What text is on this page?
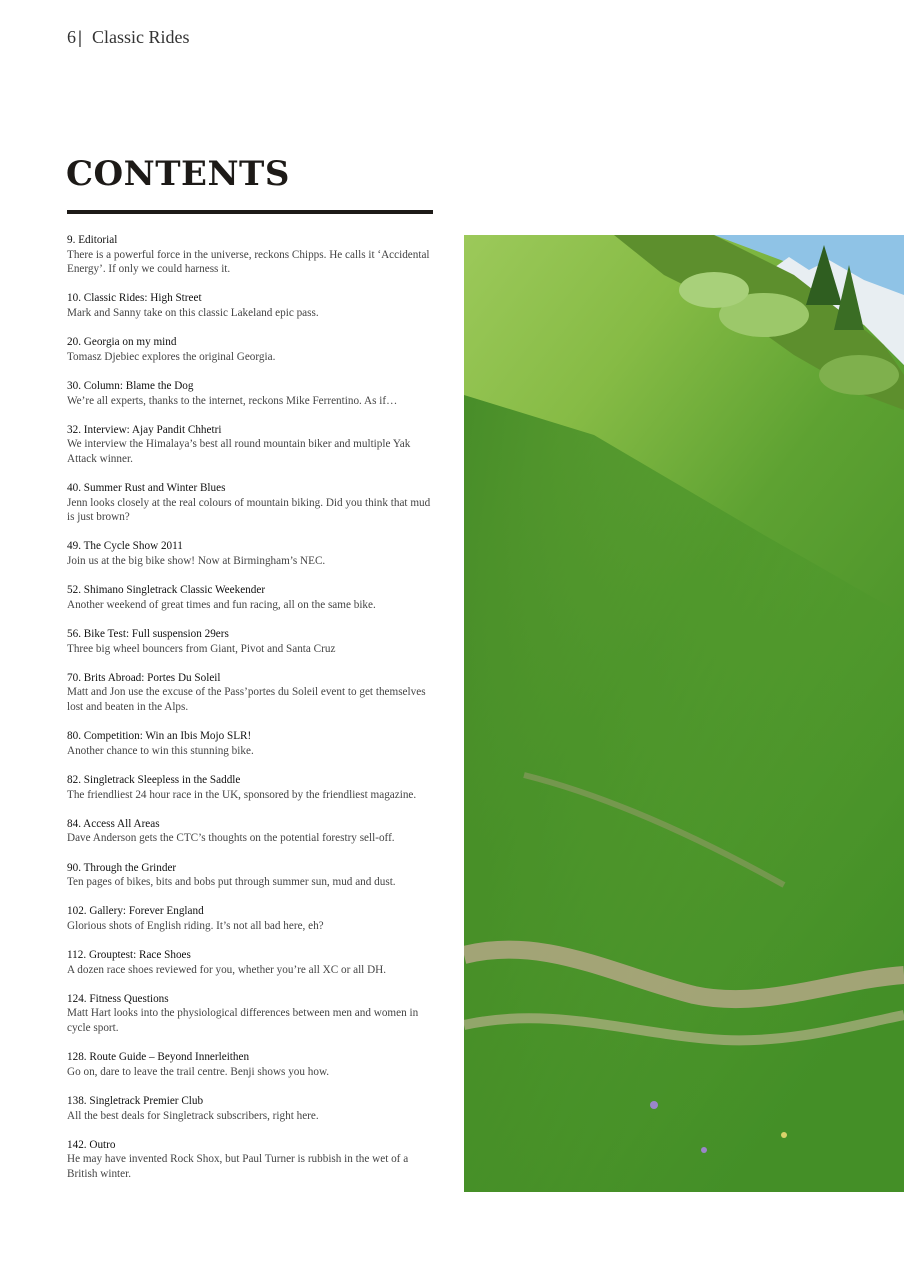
6 | Classic Rides
CONTENTS
9. Editorial
There is a powerful force in the universe, reckons Chipps. He calls it ‘Accidental Energy’. If only we could harness it.
10. Classic Rides: High Street
Mark and Sanny take on this classic Lakeland epic pass.
20. Georgia on my mind
Tomasz Djebiec explores the original Georgia.
30. Column: Blame the Dog
We’re all experts, thanks to the internet, reckons Mike Ferrentino. As if…
32. Interview: Ajay Pandit Chhetri
We interview the Himalaya’s best all round mountain biker and multiple Yak Attack winner.
40. Summer Rust and Winter Blues
Jenn looks closely at the real colours of mountain biking. Did you think that mud is just brown?
49. The Cycle Show 2011
Join us at the big bike show! Now at Birmingham’s NEC.
52. Shimano Singletrack Classic Weekender
Another weekend of great times and fun racing, all on the same bike.
56. Bike Test: Full suspension 29ers
Three big wheel bouncers from Giant, Pivot and Santa Cruz
70. Brits Abroad: Portes Du Soleil
Matt and Jon use the excuse of the Pass’portes du Soleil event to get themselves lost and beaten in the Alps.
80. Competition: Win an Ibis Mojo SLR!
Another chance to win this stunning bike.
82. Singletrack Sleepless in the Saddle
The friendliest 24 hour race in the UK, sponsored by the friendliest magazine.
84. Access All Areas
Dave Anderson gets the CTC’s thoughts on the potential forestry sell-off.
90. Through the Grinder
Ten pages of bikes, bits and bobs put through summer sun, mud and dust.
102. Gallery: Forever England
Glorious shots of English riding. It’s not all bad here, eh?
112. Grouptest: Race Shoes
A dozen race shoes reviewed for you, whether you’re all XC or all DH.
124. Fitness Questions
Matt Hart looks into the physiological differences between men and women in cycle sport.
128. Route Guide – Beyond Innerleithen
Go on, dare to leave the trail centre. Benji shows you how.
138. Singletrack Premier Club
All the best deals for Singletrack subscribers, right here.
142. Outro
He may have invented Rock Shox, but Paul Turner is rubbish in the wet of a British winter.
